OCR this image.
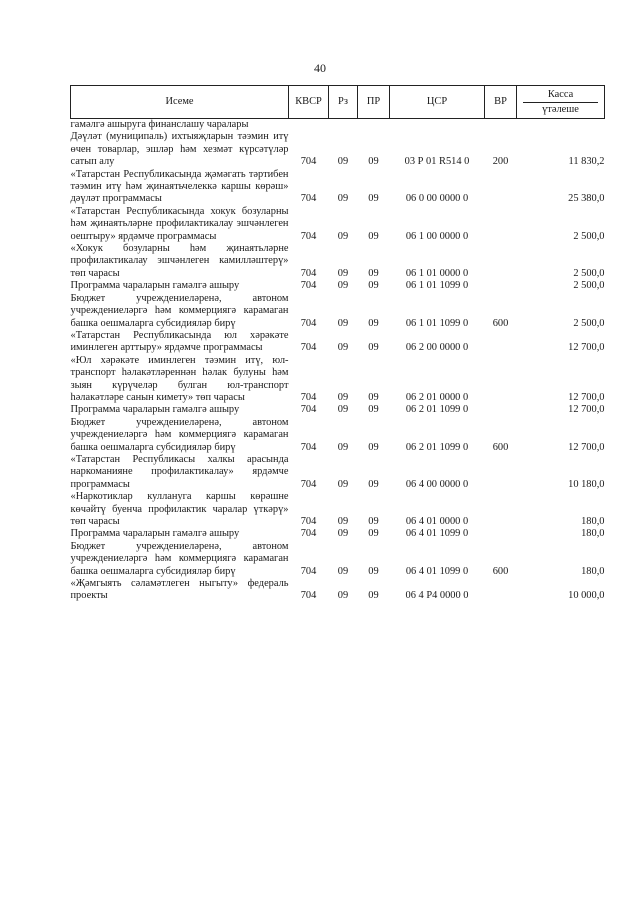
40
Исеме	КВСР	Рз	ПР	ЦСР	ВР	Касса
үтәлеше

гамәлгә ашыруга финанслашу чаралары						
Дәүләт (муниципаль) ихтыяҗларын тәэмин итү өчен товарлар, эшләр һәм хезмәт күрсәтүләр сатып алу	704	09	09	03 Р 01 R514 0	200	11 830,2
«Татарстан Республикасында җәмәгать тәртибен тәэмин итү һәм җинаятьчелеккә каршы көрәш» дәүләт программасы	704	09	09	06 0 00 0000 0		25 380,0
«Татарстан Республикасында хокук бозуларны һәм җинаятьләрне профилактикалау эшчәнлеген оештыру» ярдәмче программасы	704	09	09	06 1 00 0000 0		2 500,0
«Хокук бозуларны һәм җинаятьләрне профилактикалау эшчәнлеген камилләштерү» төп чарасы	704	09	09	06 1 01 0000 0		2 500,0
Программа чараларын гамәлгә ашыру	704	09	09	06 1 01 1099 0		2 500,0
Бюджет учреждениеләренә, автоном учреждениеләргә һәм коммерциягә карамаган башка оешмаларга субсидияләр бирү	704	09	09	06 1 01 1099 0	600	2 500,0
«Татарстан Республикасында юл хәрәкәте иминлеген арттыру» ярдәмче программасы	704	09	09	06 2 00 0000 0		12 700,0
«Юл хәрәкәте иминлеген тәэмин итү, юл-транспорт һәлакәтләреннән һәлак булуны һәм зыян күрүчеләр булган юл-транспорт һәлакәтләре санын кимету» төп чарасы	704	09	09	06 2 01 0000 0		12 700,0
Программа чараларын гамәлгә ашыру	704	09	09	06 2 01 1099 0		12 700,0
Бюджет учреждениеләренә, автоном учреждениеләргә һәм коммерциягә карамаган башка оешмаларга субсидияләр бирү	704	09	09	06 2 01 1099 0	600	12 700,0
«Татарстан Республикасы халкы арасында наркоманияне профилактикалау» ярдәмче программасы	704	09	09	06 4 00 0000 0		10 180,0
«Наркотиклар куллануга каршы көрәшне көчәйтү буенча профилактик чаралар үткәрү» төп чарасы	704	09	09	06 4 01 0000 0		180,0
Программа чараларын гамәлгә ашыру	704	09	09	06 4 01 1099 0		180,0
Бюджет учреждениеләренә, автоном учреждениеләргә һәм коммерциягә карамаган башка оешмаларга субсидияләр бирү	704	09	09	06 4 01 1099 0	600	180,0
«Җәмгыять сәламәтлеген ныгыту» федераль проекты	704	09	09	06 4 Р4 0000 0		10 000,0
